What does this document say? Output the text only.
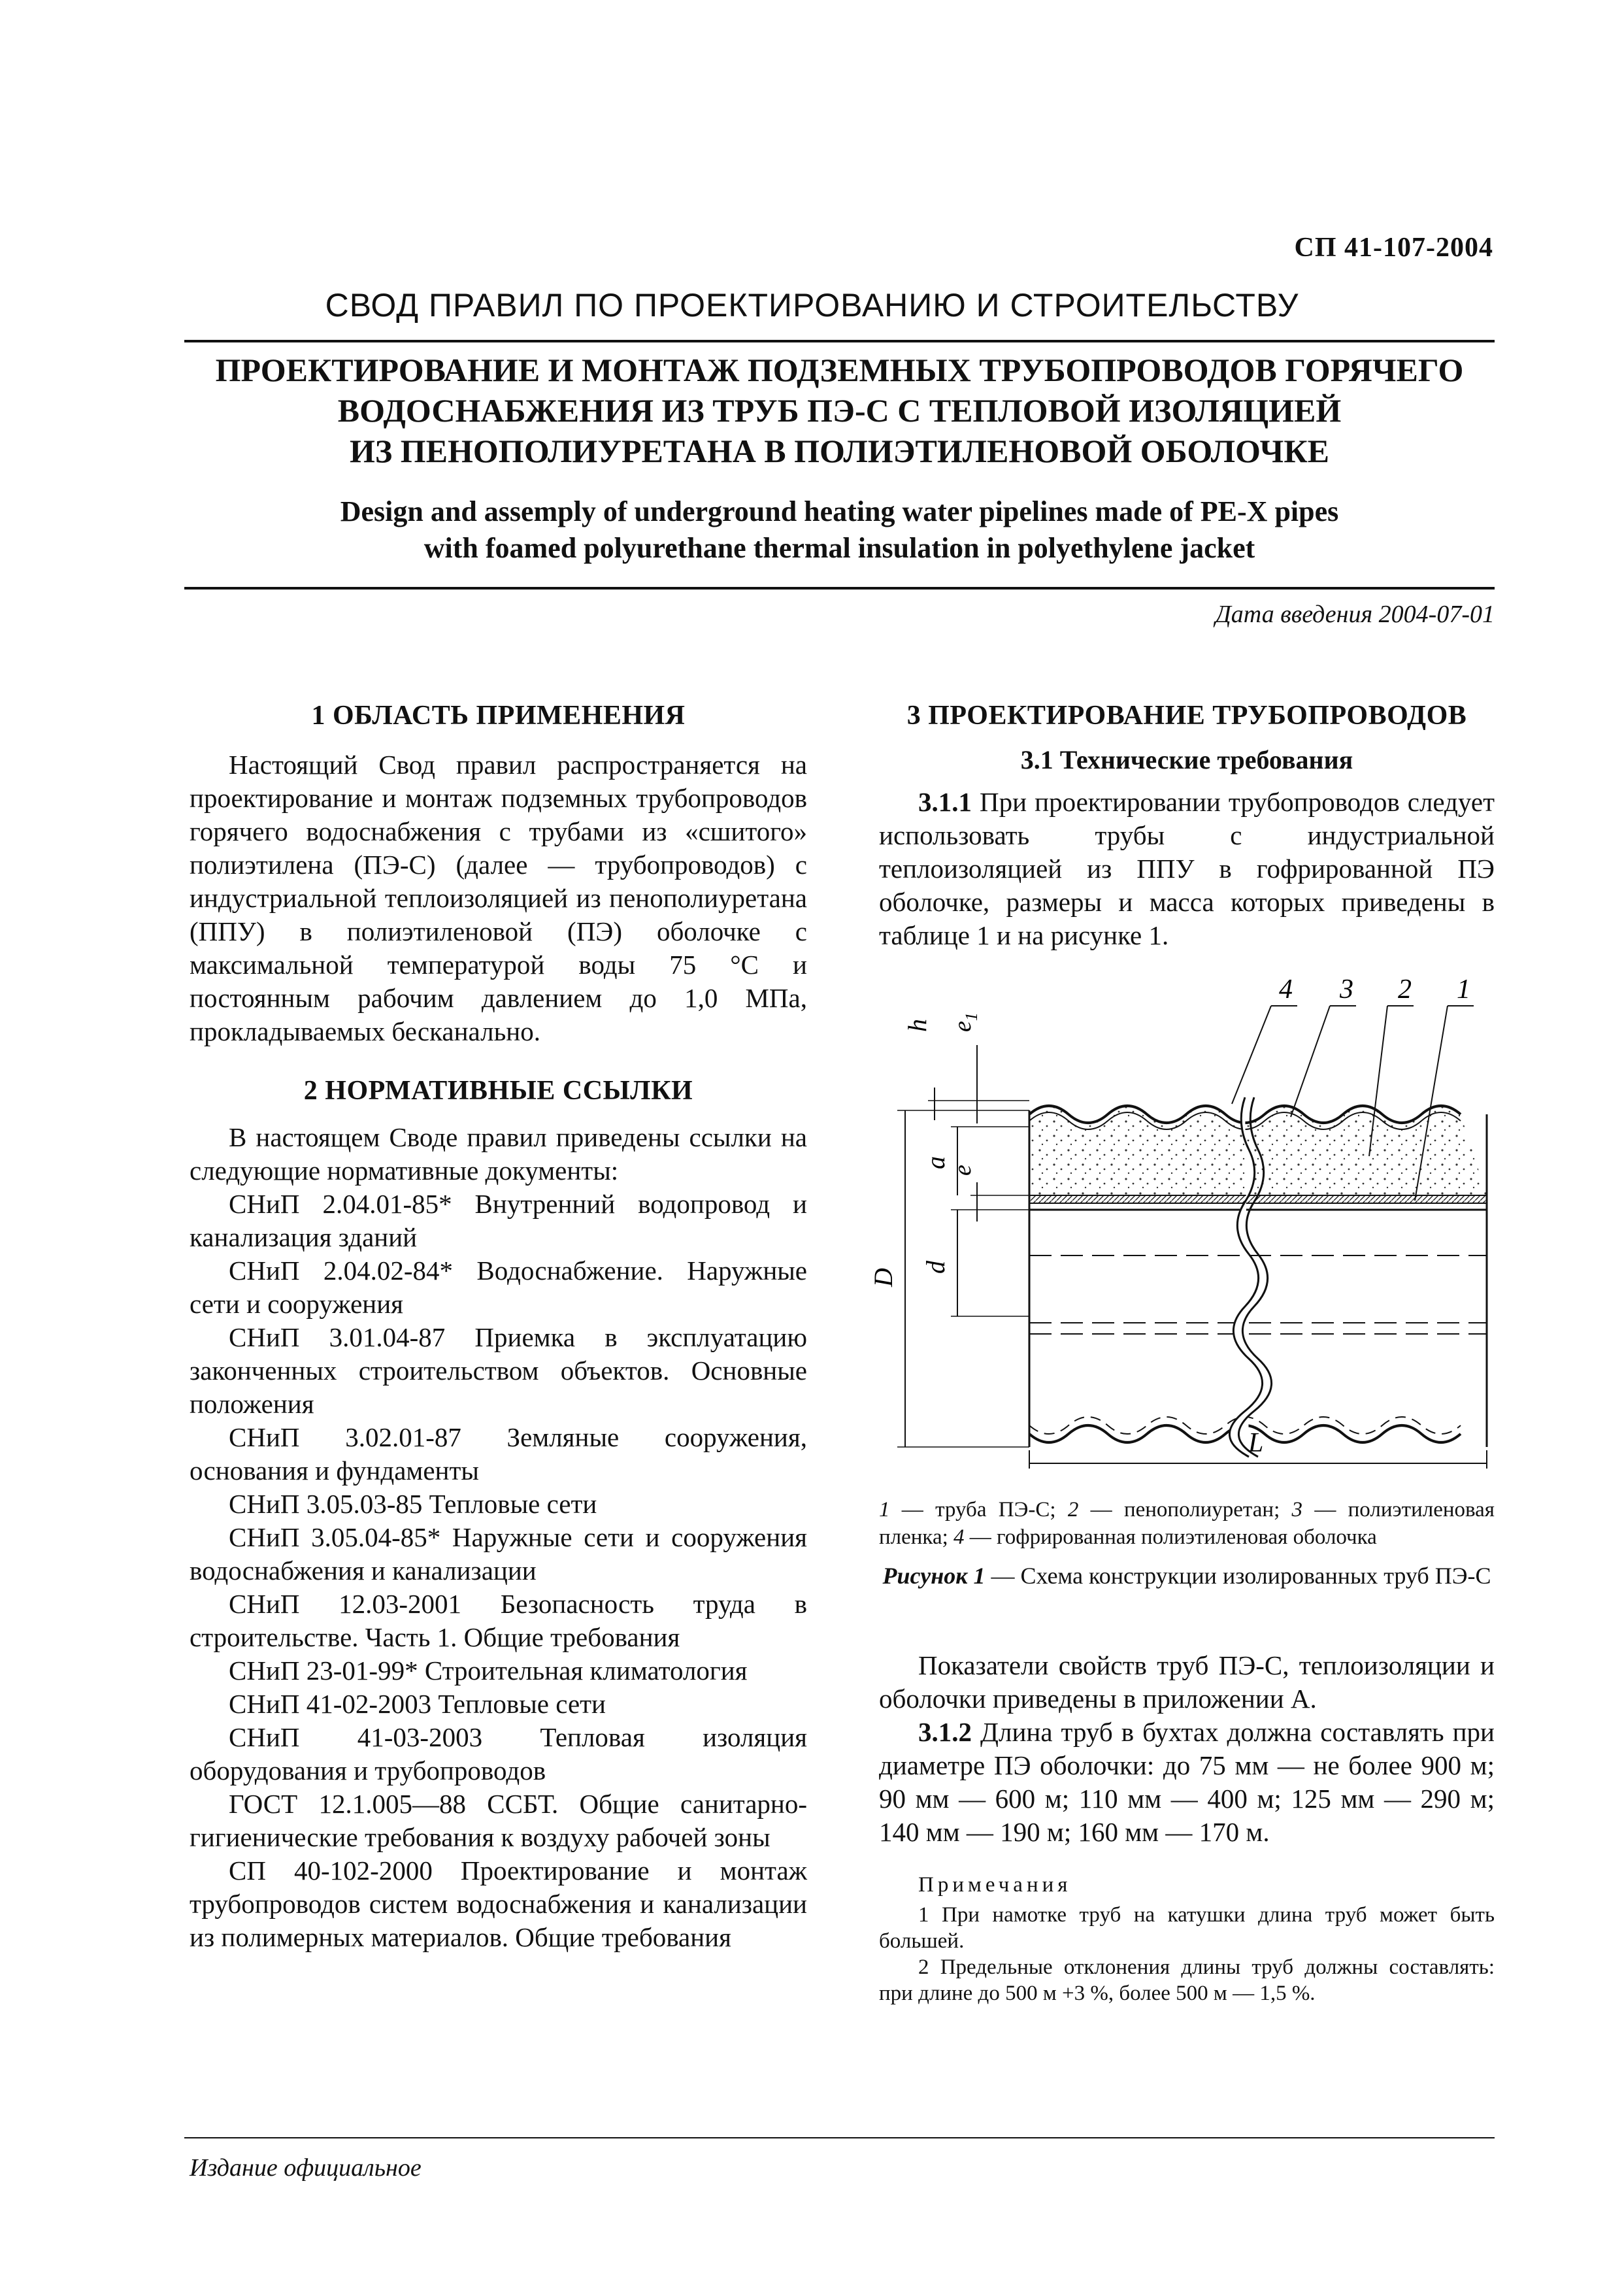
СП 41-107-2004
СВОД ПРАВИЛ ПО ПРОЕКТИРОВАНИЮ И СТРОИТЕЛЬСТВУ
ПРОЕКТИРОВАНИЕ И МОНТАЖ ПОДЗЕМНЫХ ТРУБОПРОВОДОВ ГОРЯЧЕГО
ВОДОСНАБЖЕНИЯ ИЗ ТРУБ ПЭ-С С ТЕПЛОВОЙ ИЗОЛЯЦИЕЙ
ИЗ ПЕНОПОЛИУРЕТАНА В ПОЛИЭТИЛЕНОВОЙ ОБОЛОЧКЕ
Design and assemply of underground heating water pipelines made of PE-X pipes
with foamed polyurethane thermal insulation in polyethylene jacket
Дата введения 2004-07-01

1 ОБЛАСТЬ ПРИМЕНЕНИЯ

Настоящий Свод правил распространяется на проектирование и монтаж подземных трубопроводов горячего водоснабжения с трубами из «сшитого» полиэтилена (ПЭ-С) (далее — трубопроводов) с индустриальной теплоизоляцией из пенополиуретана (ППУ) в полиэтиленовой (ПЭ) оболочке с максимальной температурой воды 75 °С и постоянным рабочим давлением до 1,0 МПа, прокладываемых бесканально.

2 НОРМАТИВНЫЕ ССЫЛКИ

В настоящем Своде правил приведены ссылки на следующие нормативные документы:

СНиП 2.04.01-85* Внутренний водопровод и канализация зданий

СНиП 2.04.02-84* Водоснабжение. Наружные сети и сооружения

СНиП 3.01.04-87 Приемка в эксплуатацию законченных строительством объектов. Основные положения

СНиП 3.02.01-87 Земляные сооружения, основания и фундаменты

СНиП 3.05.03-85 Тепловые сети

СНиП 3.05.04-85* Наружные сети и сооружения водоснабжения и канализации

СНиП 12.03-2001 Безопасность труда в строительстве. Часть 1. Общие требования

СНиП 23-01-99* Строительная климатология

СНиП 41-02-2003 Тепловые сети

СНиП 41-03-2003 Тепловая изоляция оборудования и трубопроводов

ГОСТ 12.1.005—88 ССБТ. Общие санитарно-гигиенические требования к воздуху рабочей зоны

СП 40-102-2000 Проектирование и монтаж трубопроводов систем водоснабжения и канализации из полимерных материалов. Общие требования

3 ПРОЕКТИРОВАНИЕ ТРУБОПРОВОДОВ

3.1 Технические требования

3.1.1 При проектировании трубопроводов следует использовать трубы с индустриальной теплоизоляцией из ППУ в гофрированной ПЭ оболочке, размеры и масса которых приведены в таблице 1 и на рисунке 1.

4 3 2 1
D
d
a
h $e_1$
e
L

1 — труба ПЭ-С; 2 — пенополиуретан; 3 — полиэтиленовая пленка; 4 — гофрированная полиэтиленовая оболочка

Рисунок 1 — Схема конструкции изолированных труб ПЭ-С

Показатели свойств труб ПЭ-С, теплоизоляции и оболочки приведены в приложении А.

3.1.2 Длина труб в бухтах должна составлять при диаметре ПЭ оболочки: до 75 мм — не более 900 м; 90 мм — 600 м; 110 мм — 400 м; 125 мм — 290 м; 140 мм — 190 м; 160 мм — 170 м.

Примечания

1 При намотке труб на катушки длина труб может быть большей.

2 Предельные отклонения длины труб должны составлять: при длине до 500 м +3 %, более 500 м — 1,5 %.

Издание официальное
